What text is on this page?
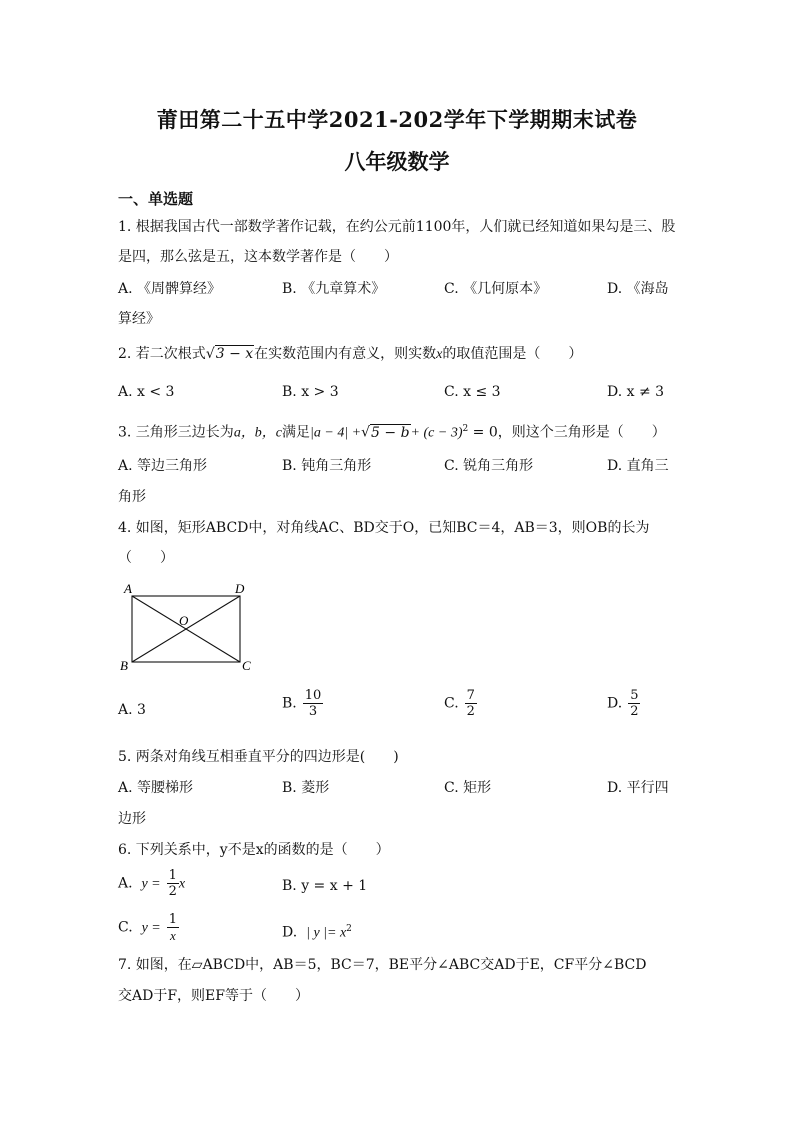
莆田第二十五中学2021-202学年下学期期末试卷
八年级数学
一、单选题
1. 根据我国古代一部数学著作记载，在约公元前1100年，人们就已经知道如果勾是三、股
是四，那么弦是五，这本数学著作是（　　）
A. 《周髀算经》	B. 《九章算术》	C. 《几何原本》	D. 《海岛
算经》
2. 若二次根式√3 − x在实数范围内有意义，则实数x的取值范围是（　　）
A. x < 3	B. x > 3	C. x ≤ 3	D. x ≠ 3
3. 三角形三边长为a，b，c满足$|a - 4| +√5 - b+ (c - 3)^2 = 0$，则这个三角形是（　　）
A. 等边三角形	B. 钝角三角形	C. 锐角三角形	D. 直角三
角形
4. 如图，矩形ABCD中，对角线AC、BD交于O，已知BC＝4，AB＝3，则OB的长为
（　　）
A	D
O
B	C
A. 3	B. $\frac{10}{3}$	C. $\frac{7}{2}$	D. $\frac{5}{2}$
5. 两条对角线互相垂直平分的四边形是(　　)
A. 等腰梯形	B. 菱形	C. 矩形	D. 平行四
边形
6. 下列关系中，y不是x的函数的是（　　）
A. $y = \frac{1}{2}$ x	B. y = x + 1
C. $y = \frac{1}{x}$	D. | y |= $x^2$
7. 如图，在▱ABCD中，AB＝5，BC＝7，BE平分∠ABC交AD于E，CF平分∠BCD
交AD于F，则EF等于（　　）
